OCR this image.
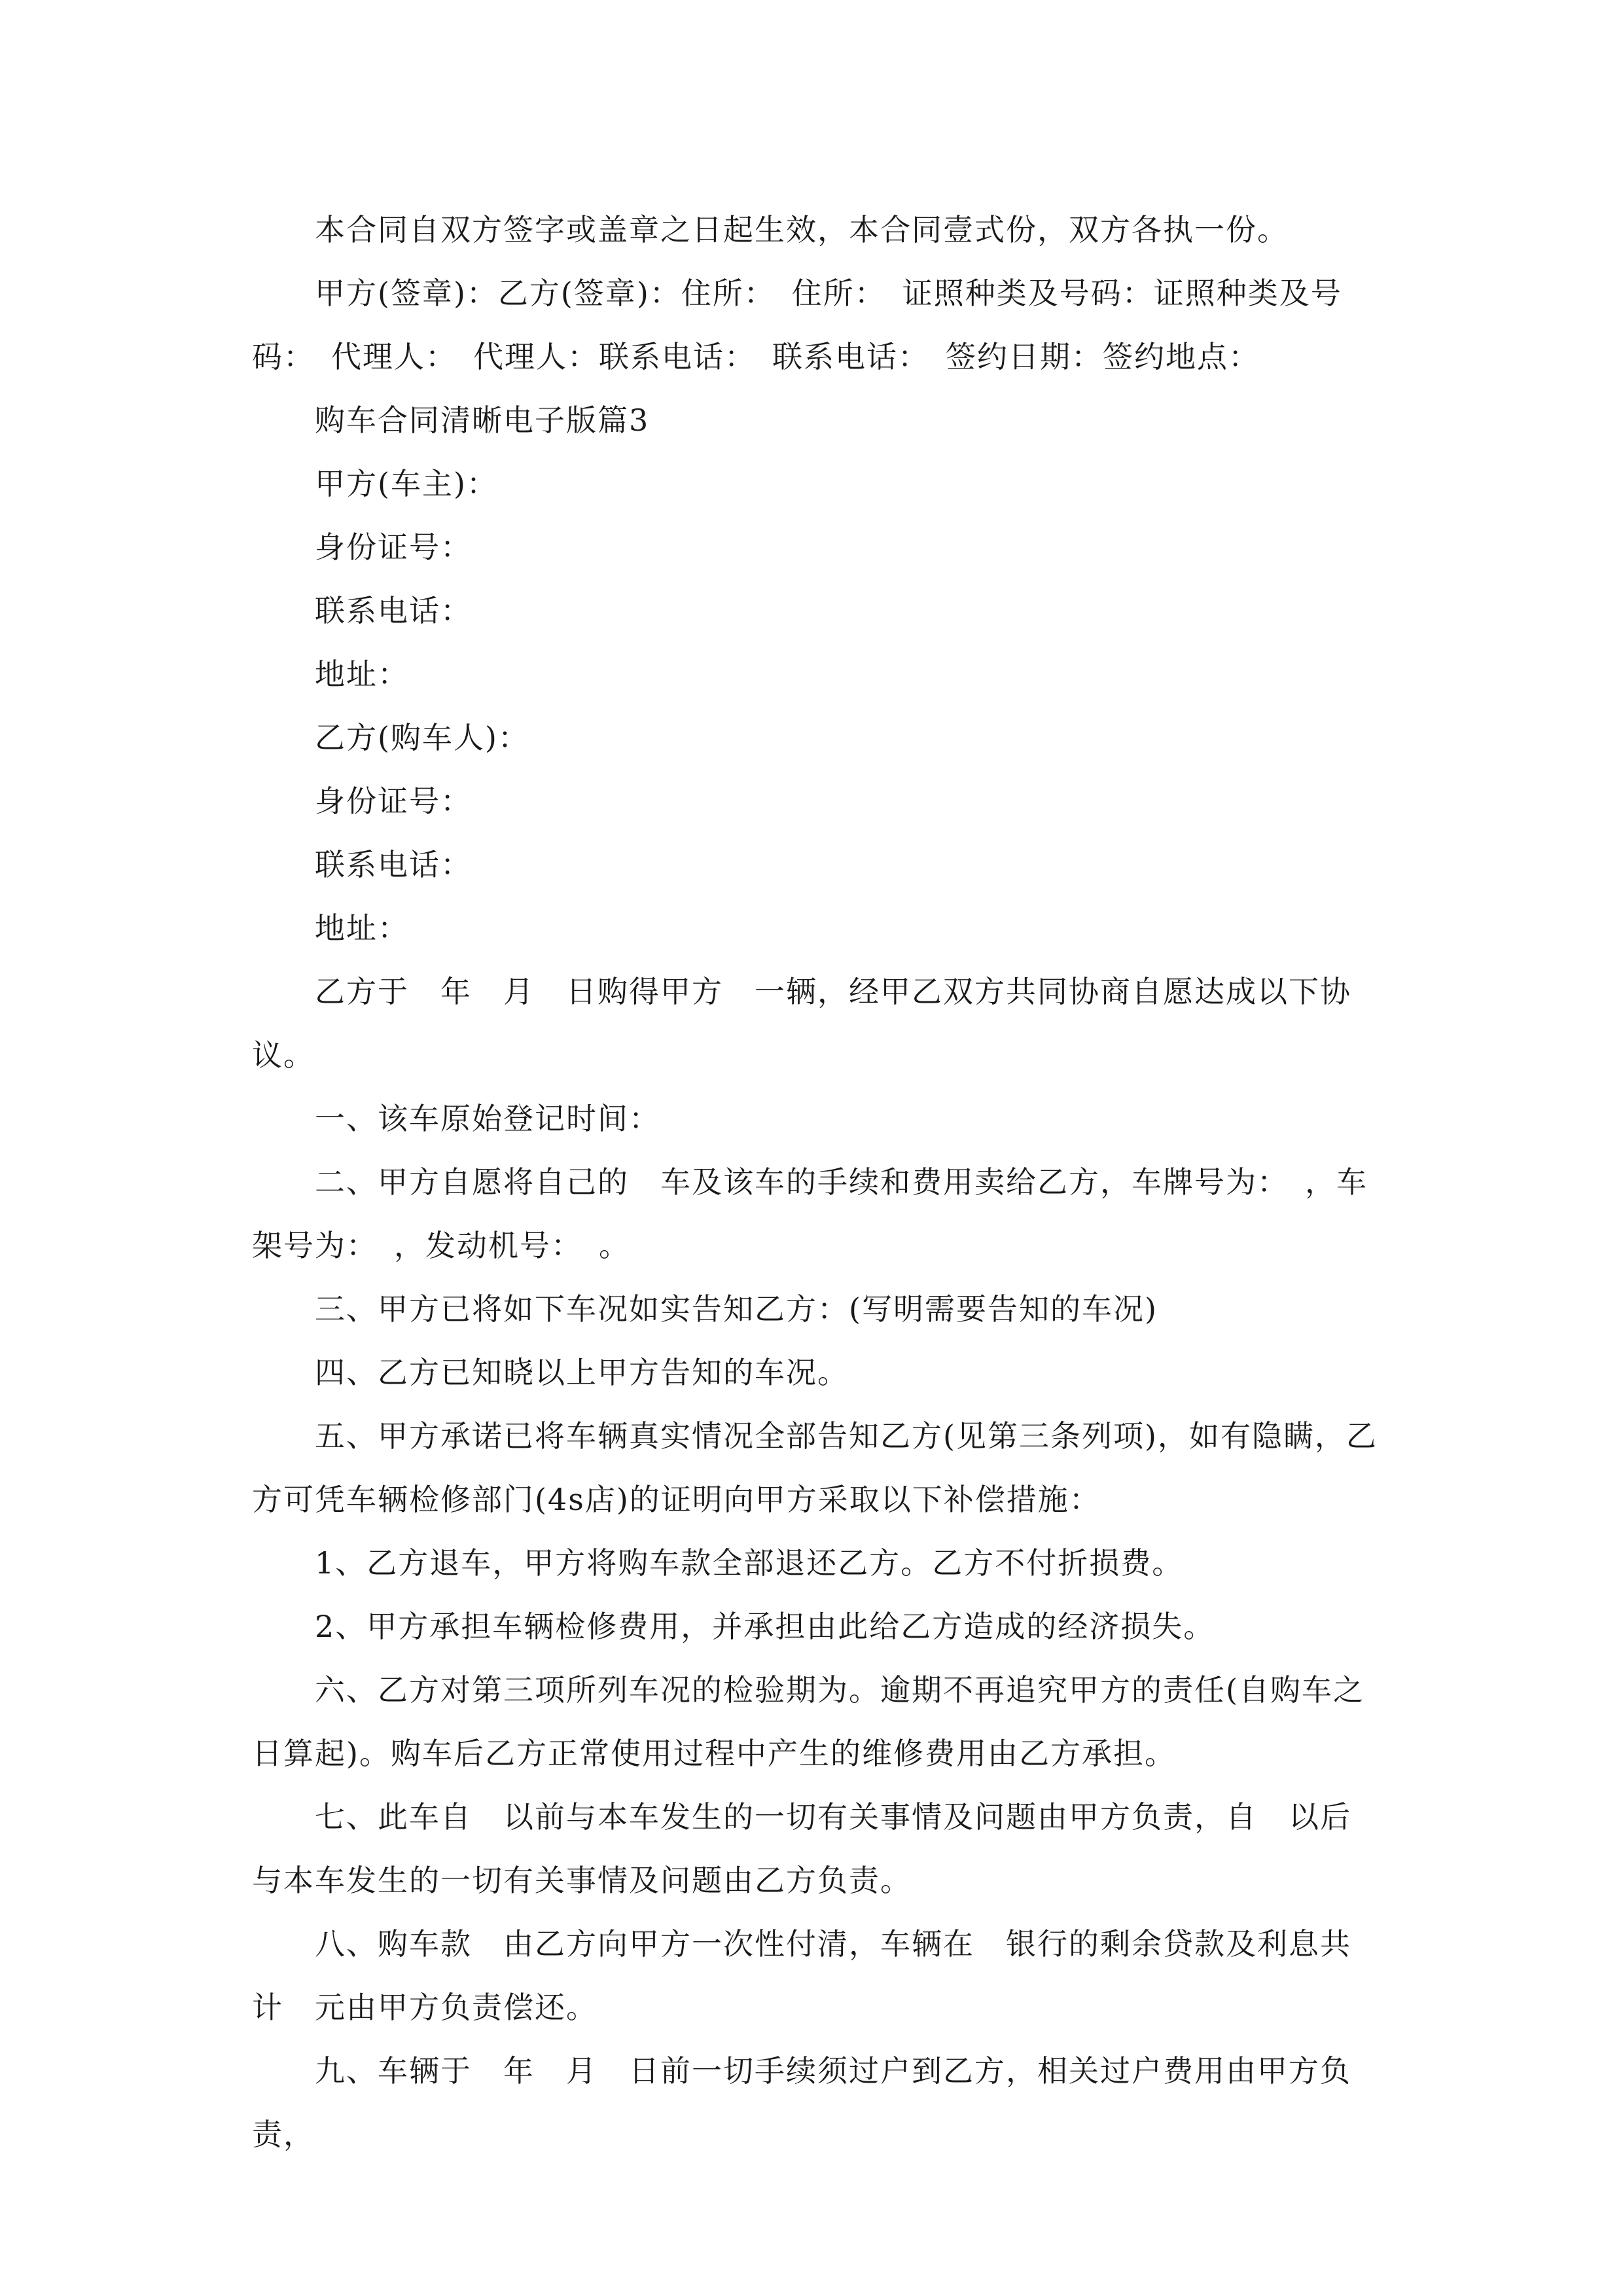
本合同自双方签字或盖章之日起生效，本合同壹式份，双方各执一份。

甲方(签章)：乙方(签章)：住所：　住所：　证照种类及号码：证照种类及号码：　代理人：　代理人：联系电话：　联系电话：　签约日期：签约地点：

购车合同清晰电子版篇3

甲方(车主)：

身份证号：

联系电话：

地址：

乙方(购车人)：

身份证号：

联系电话：

地址：

乙方于　年　月　日购得甲方　一辆，经甲乙双方共同协商自愿达成以下协议。

一、该车原始登记时间：

二、甲方自愿将自己的　车及该车的手续和费用卖给乙方，车牌号为：　，车架号为：　，发动机号：　。

三、甲方已将如下车况如实告知乙方：(写明需要告知的车况)

四、乙方已知晓以上甲方告知的车况。

五、甲方承诺已将车辆真实情况全部告知乙方(见第三条列项)，如有隐瞒，乙方可凭车辆检修部门(4s店)的证明向甲方采取以下补偿措施：

1、乙方退车，甲方将购车款全部退还乙方。乙方不付折损费。

2、甲方承担车辆检修费用，并承担由此给乙方造成的经济损失。

六、乙方对第三项所列车况的检验期为。逾期不再追究甲方的责任(自购车之日算起)。购车后乙方正常使用过程中产生的维修费用由乙方承担。

七、此车自　以前与本车发生的一切有关事情及问题由甲方负责，自　以后与本车发生的一切有关事情及问题由乙方负责。

八、购车款　由乙方向甲方一次性付清，车辆在　银行的剩余贷款及利息共计　元由甲方负责偿还。

九、车辆于　年　月　日前一切手续须过户到乙方，相关过户费用由甲方负责，
